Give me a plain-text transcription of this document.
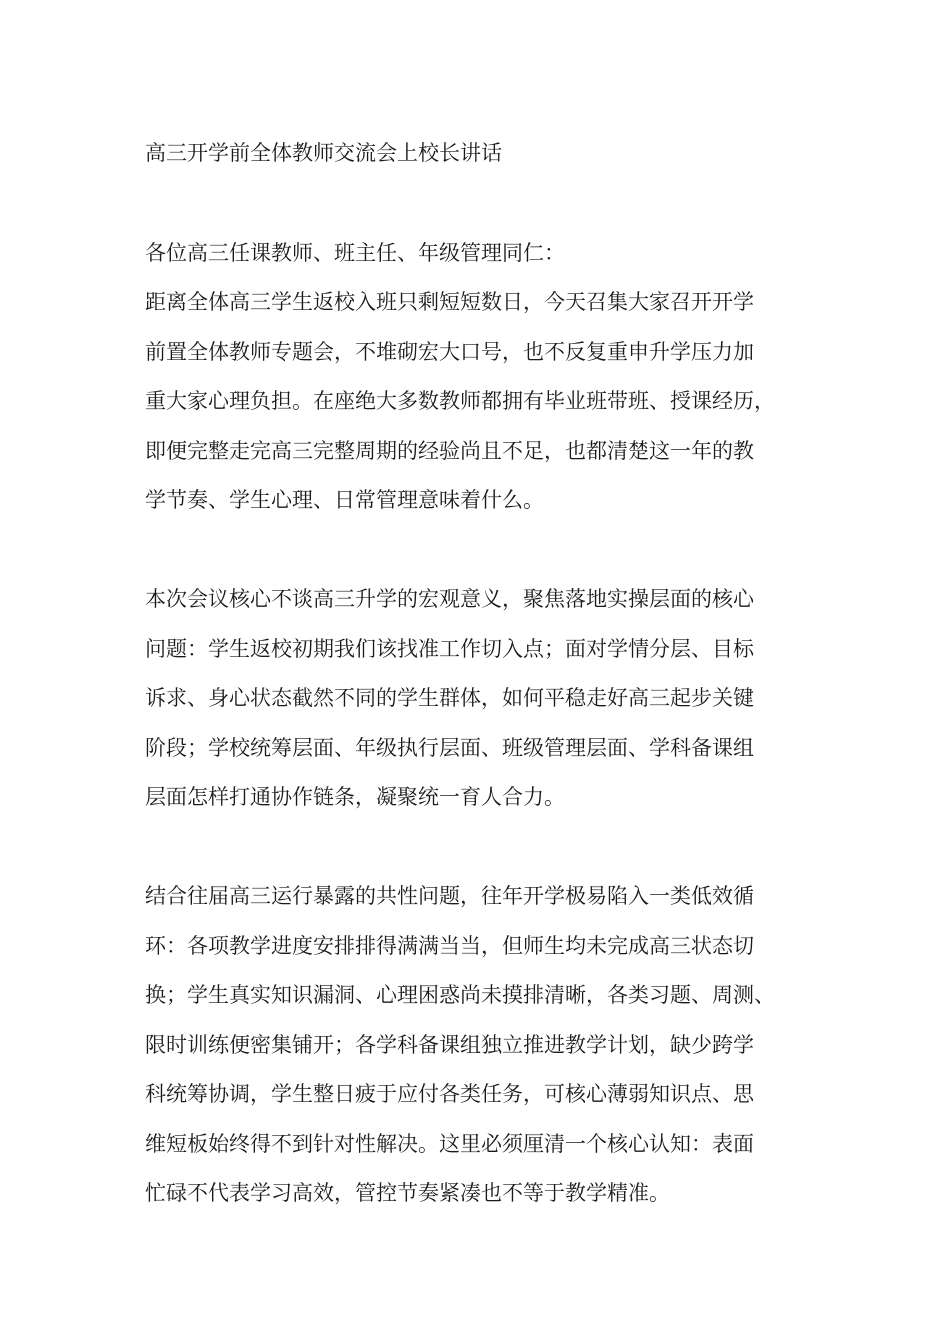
高三开学前全体教师交流会上校长讲话
各位高三任课教师、班主任、年级管理同仁：
距离全体高三学生返校入班只剩短短数日，今天召集大家召开开学
前置全体教师专题会，不堆砌宏大口号，也不反复重申升学压力加
重大家心理负担。在座绝大多数教师都拥有毕业班带班、授课经历，
即便完整走完高三完整周期的经验尚且不足，也都清楚这一年的教
学节奏、学生心理、日常管理意味着什么。
本次会议核心不谈高三升学的宏观意义，聚焦落地实操层面的核心
问题：学生返校初期我们该找准工作切入点；面对学情分层、目标
诉求、身心状态截然不同的学生群体，如何平稳走好高三起步关键
阶段；学校统筹层面、年级执行层面、班级管理层面、学科备课组
层面怎样打通协作链条，凝聚统一育人合力。
结合往届高三运行暴露的共性问题，往年开学极易陷入一类低效循
环：各项教学进度安排排得满满当当，但师生均未完成高三状态切
换；学生真实知识漏洞、心理困惑尚未摸排清晰，各类习题、周测、
限时训练便密集铺开；各学科备课组独立推进教学计划，缺少跨学
科统筹协调，学生整日疲于应付各类任务，可核心薄弱知识点、思
维短板始终得不到针对性解决。这里必须厘清一个核心认知：表面
忙碌不代表学习高效，管控节奏紧凑也不等于教学精准。
